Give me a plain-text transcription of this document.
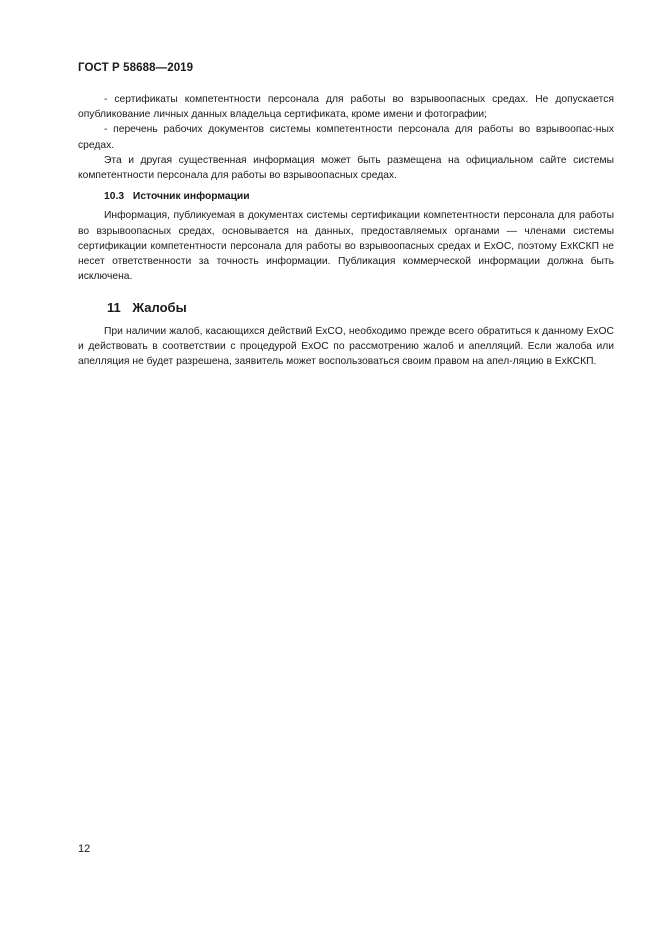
ГОСТ Р 58688—2019

- сертификаты компетентности персонала для работы во взрывоопасных средах. Не допускается опубликование личных данных владельца сертификата, кроме имени и фотографии;

- перечень рабочих документов системы компетентности персонала для работы во взрывоопас-ных средах.

Эта и другая существенная информация может быть размещена на официальном сайте системы компетентности персонала для работы во взрывоопасных средах.

10.3 Источник информации

Информация, публикуемая в документах системы сертификации компетентности персонала для работы во взрывоопасных средах, основывается на данных, предоставляемых органами — членами системы сертификации компетентности персонала для работы во взрывоопасных средах и ExOC, поэтому ExКСКП не несет ответственности за точность информации. Публикация коммерческой информации должна быть исключена.

11 Жалобы

При наличии жалоб, касающихся действий ExCO, необходимо прежде всего обратиться к данному ExOC и действовать в соответствии с процедурой ExOC по рассмотрению жалоб и апелляций. Если жалоба или апелляция не будет разрешена, заявитель может воспользоваться своим правом на апел-ляцию в ExКСКП.

12
